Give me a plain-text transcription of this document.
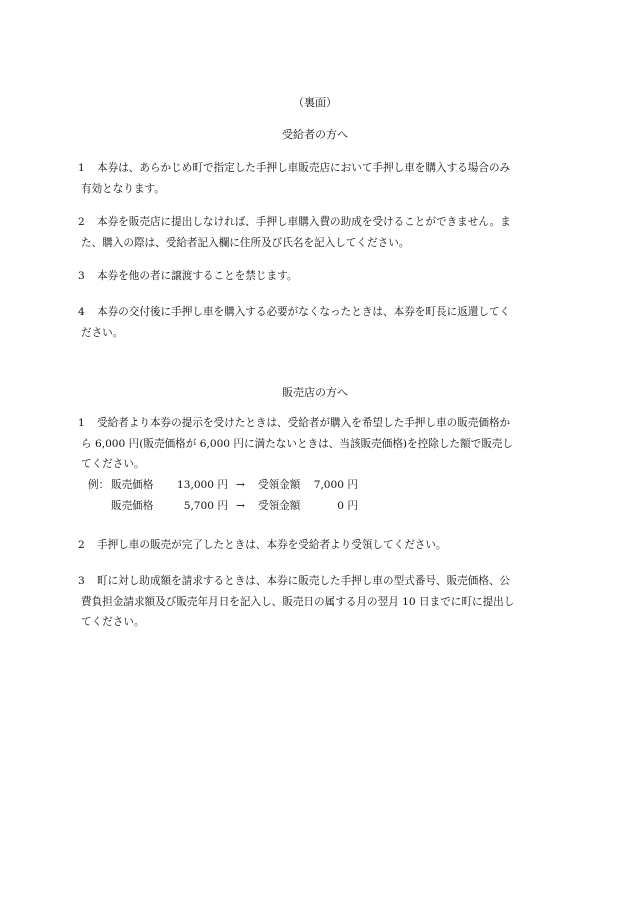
（裏面）
受給者の方へ
1 本券は、あらかじめ町で指定した手押し車販売店において手押し車を購入する場合のみ
有効となります。
2 本券を販売店に提出しなければ、手押し車購入費の助成を受けることができません。ま
た、購入の際は、受給者記入欄に住所及び氏名を記入してください。
3 本券を他の者に譲渡することを禁じます。
4 本券の交付後に手押し車を購入する必要がなくなったときは、本券を町長に返還してく
ださい。
販売店の方へ
1 受給者より本券の提示を受けたときは、受給者が購入を希望した手押し車の販売価格か
ら 6,000 円(販売価格が 6,000 円に満たないときは、当該販売価格)を控除した額で販売し
てください。
例： 販売価格	13,000 円 → 受領金額	7,000 円
販売価格	5,700 円 → 受領金額	0 円
2 手押し車の販売が完了したときは、本券を受給者より受領してください。
3 町に対し助成額を請求するときは、本券に販売した手押し車の型式番号、販売価格、公
費負担金請求額及び販売年月日を記入し、販売日の属する月の翌月 10 日までに町に提出し
てください。
